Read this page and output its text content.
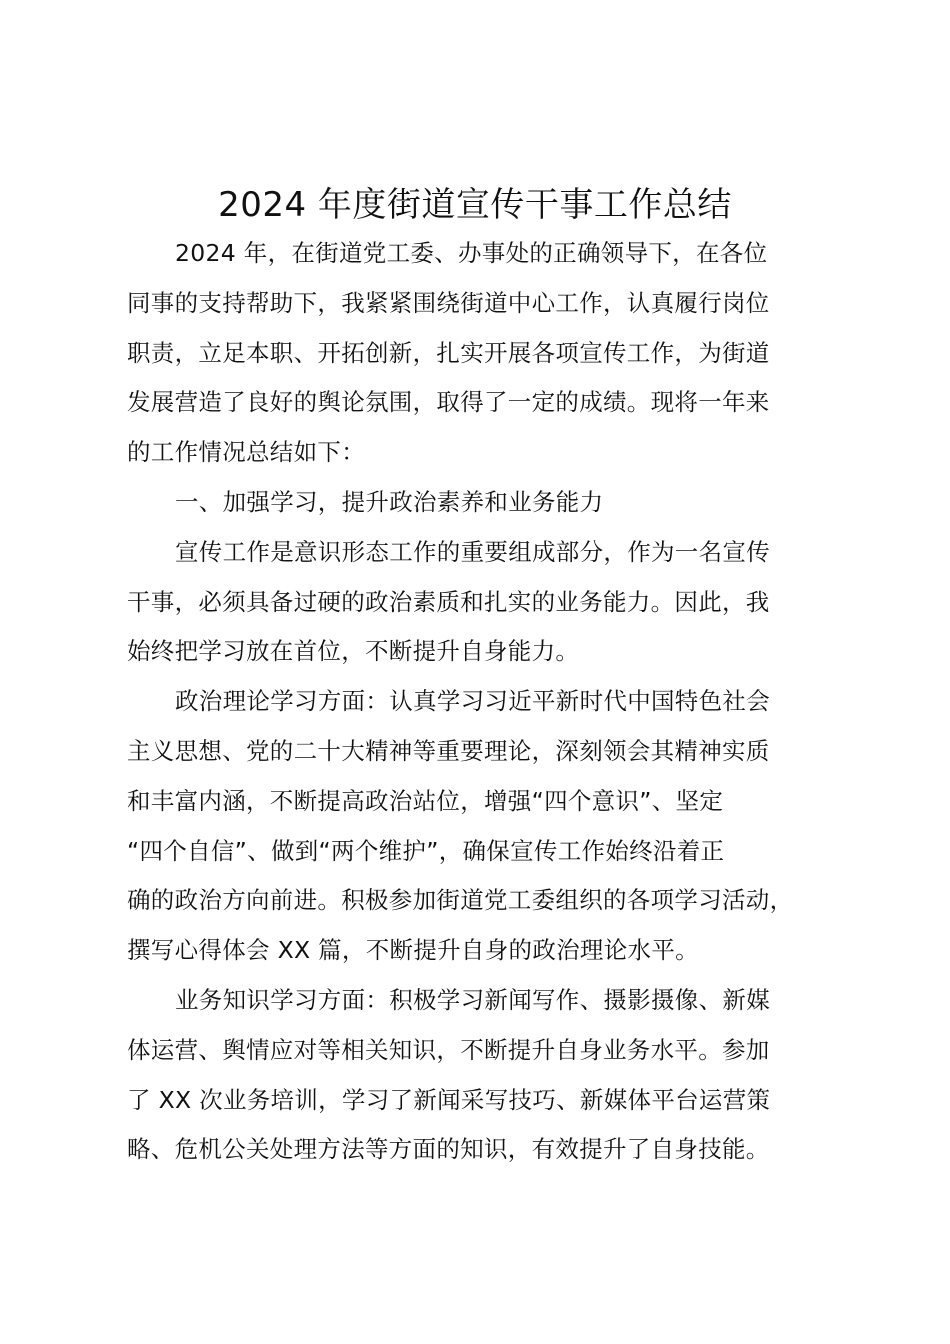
2024 年度街道宣传干事工作总结
2024 年，在街道党工委、办事处的正确领导下，在各位
同事的支持帮助下，我紧紧围绕街道中心工作，认真履行岗位
职责，立足本职、开拓创新，扎实开展各项宣传工作，为街道
发展营造了良好的舆论氛围，取得了一定的成绩。现将一年来
的工作情况总结如下：
一、加强学习，提升政治素养和业务能力
宣传工作是意识形态工作的重要组成部分，作为一名宣传
干事，必须具备过硬的政治素质和扎实的业务能力。因此，我
始终把学习放在首位，不断提升自身能力。
政治理论学习方面：认真学习习近平新时代中国特色社会
主义思想、党的二十大精神等重要理论，深刻领会其精神实质
和丰富内涵，不断提高政治站位，增强“四个意识”、坚定
“四个自信”、做到“两个维护”，确保宣传工作始终沿着正
确的政治方向前进。积极参加街道党工委组织的各项学习活动，
撰写心得体会 XX 篇，不断提升自身的政治理论水平。
业务知识学习方面：积极学习新闻写作、摄影摄像、新媒
体运营、舆情应对等相关知识，不断提升自身业务水平。参加
了 XX 次业务培训，学习了新闻采写技巧、新媒体平台运营策
略、危机公关处理方法等方面的知识，有效提升了自身技能。
